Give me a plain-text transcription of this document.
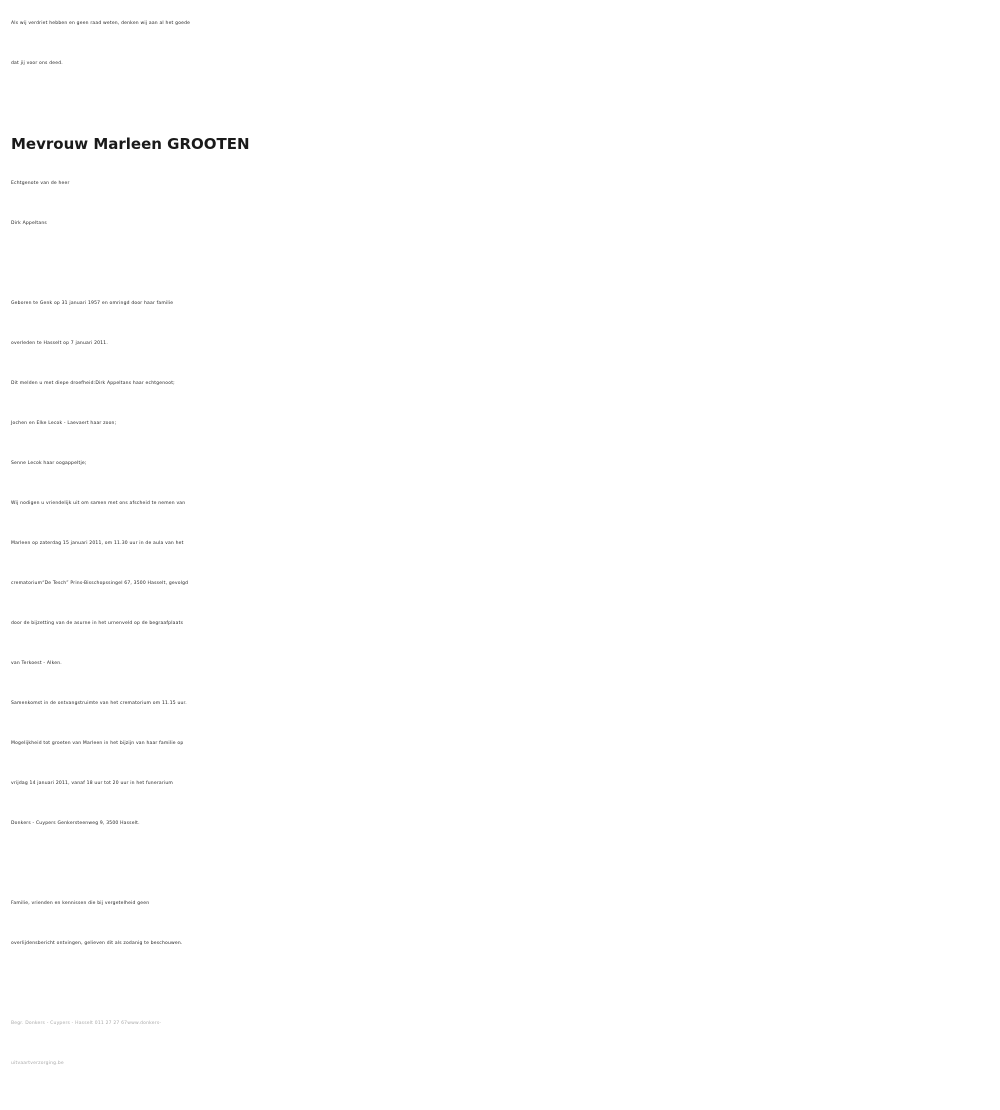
Als wij verdriet hebben en geen raad weten, denken wij aan al het goede
dat jij voor ons deed.
Mevrouw Marleen GROOTEN
Echtgenote van de heer
Dirk Appeltans
Geboren te Genk op 31 januari 1957 en omringd door haar familie
overleden te Hasselt op 7 januari 2011.
Dit melden u met diepe droefheid:Dirk Appeltans haar echtgenoot;
Jochen en Elke Lecok - Laevaert haar zoon;
Senne Lecok haar oogappeltje;
Wij nodigen u vriendelijk uit om samen met ons afscheid te nemen van
Marleen op zaterdag 15 januari 2011, om 11.30 uur in de aula van het
crematorium“De Tesch” Prins-Bisschopssingel 67, 3500 Hasselt, gevolgd
door de bijzetting van de asurne in het urnenveld op de begraafplaats
van Terkoest - Alken.
Samenkomst in de ontvangstruimte van het crematorium om 11.15 uur.
Mogelijkheid tot groeten van Marleen in het bijzijn van haar familie op
vrijdag 14 januari 2011, vanaf 18 uur tot 20 uur in het funerarium
Donkers - Cuypers Genkersteenweg 9, 3500 Hasselt.
Familie, vrienden en kennissen die bij vergetelheid geen
overlijdensbericht ontvingen, gelieven dit als zodanig te beschouwen.
Begr. Donkers - Cuypers - Hasselt 011 27 27 67www.donkers-
uitvaartverzorging.be
